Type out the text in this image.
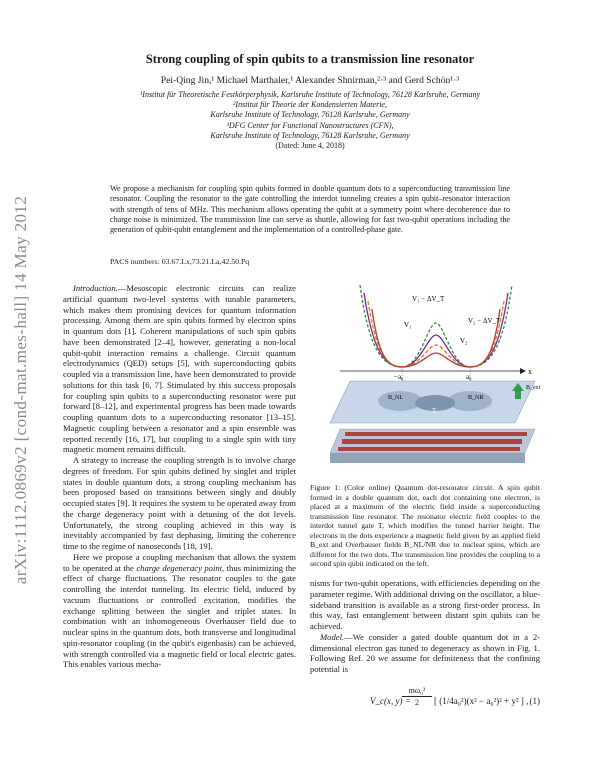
arXiv:1112.0869v2 [cond-mat.mes-hall] 14 May 2012
Strong coupling of spin qubits to a transmission line resonator
Pei-Qing Jin,¹ Michael Marthaler,¹ Alexander Shnirman,²·³ and Gerd Schön¹·³
¹Institut für Theoretische Festkörperphysik, Karlsruhe Institute of Technology, 76128 Karlsruhe, Germany
²Institut für Theorie der Kondensierten Materie,
Karlsruhe Institute of Technology, 76128 Karlsruhe, Germany
³DFG Center for Functional Nanostructures (CFN),
Karlsruhe Institute of Technology, 76128 Karlsruhe, Germany
(Dated: June 4, 2018)
We propose a mechanism for coupling spin qubits formed in double quantum dots to a superconducting transmission line resonator. Coupling the resonator to the gate controlling the interdot tunneling creates a spin qubit–resonator interaction with strength of tens of MHz. This mechanism allows operating the qubit at a symmetry point where decoherence due to charge noise is minimized. The transmission line can serve as shuttle, allowing for fast two-qubit operations including the generation of qubit-qubit entanglement and the implementation of a controlled-phase gate.
PACS numbers: 03.67.Lx,73.21.La,42.50.Pq

Introduction.—Mesoscopic electronic circuits can realize artificial quantum two-level systems with tunable parameters, which makes them promising devices for quantum information processing. Among them are spin qubits formed by electron spins in quantum dots [1]. Coherent manipulations of such spin qubits have been demonstrated [2–4], however, generating a non-local qubit-qubit interaction remains a challenge. Circuit quantum electrodynamics (QED) setups [5], with superconducting qubits coupled via a transmission line, have been demonstrated to provide solutions for this task [6, 7]. Stimulated by this success proposals for coupling spin qubits to a superconducting resonator were put forward [8–12], and experimental progress has been made towards coupling quantum dots to a superconducting resonator [13–15]. Magnetic coupling between a resonator and a spin ensemble was reported recently [16, 17], but coupling to a single spin with tiny magnetic moment remains difficult.

A strategy to increase the coupling strength is to involve charge degrees of freedom. For spin qubits defined by singlet and triplet states in double quantum dots, a strong coupling mechanism has been proposed based on transitions between singly and doubly occupied states [9]. It requires the system to be operated away from the charge degeneracy point with a detuning of the dot levels. Unfortunately, the strong coupling achieved in this way is inevitably accompanied by fast dephasing, limiting the coherence time to the regime of nanoseconds [18, 19].

Here we propose a coupling mechanism that allows the system to be operated at the charge degeneracy point, thus minimizing the effect of charge fluctuations. The resonator couples to the gate controlling the interdot tunneling. Its electric field, induced by vacuum fluctuations or controlled excitation, modifies the exchange splitting between the singlet and triplet states. In combination with an inhomogeneous Overhauser field due to nuclear spins in the quantum dots, both transverse and longitudinal spin-resonator coupling (in the qubit's eigenbasis) can be achieved, with strength controlled via a magnetic field or local electric gates. This enables various mecha-

V₁ − ΔV_T
V₁	V₂ − ΔV_T
V₂
x
−a₀	a₀
T
B_NL	B_NR
B_ext
Figure 1: (Color online) Quantum dot-resonator circuit. A spin qubit formed in a double quantum dot, each dot containing one electron, is placed at a maximum of the electric field inside a superconducting transmission line resonator. The resonator electric field couples to the interdot tunnel gate T, which modifies the tunnel barrier height. The electrons in the dots experience a magnetic field given by an applied field B_ext and Overhauser fields B_NL/NR due to nuclear spins, which are different for the two dots. The transmission line provides the coupling to a second spin qubit indicated on the left.

nisms for two-qubit operations, with efficiencies depending on the parameter regime. With additional driving on the oscillator, a blue-sideband transition is available as a strong first-order process. In this way, fast entanglement between distant spin qubits can be achieved.

Model.—We consider a gated double quantum dot in a 2-dimensional electron gas tuned to degeneracy as shown in Fig. 1. Following Ref. 20 we assume for definiteness that the confining potential is

V_c(x, y) =
mω₀²
2	[ (1/4a₀²)(x² − a₀²)² + y² ] , (1)
